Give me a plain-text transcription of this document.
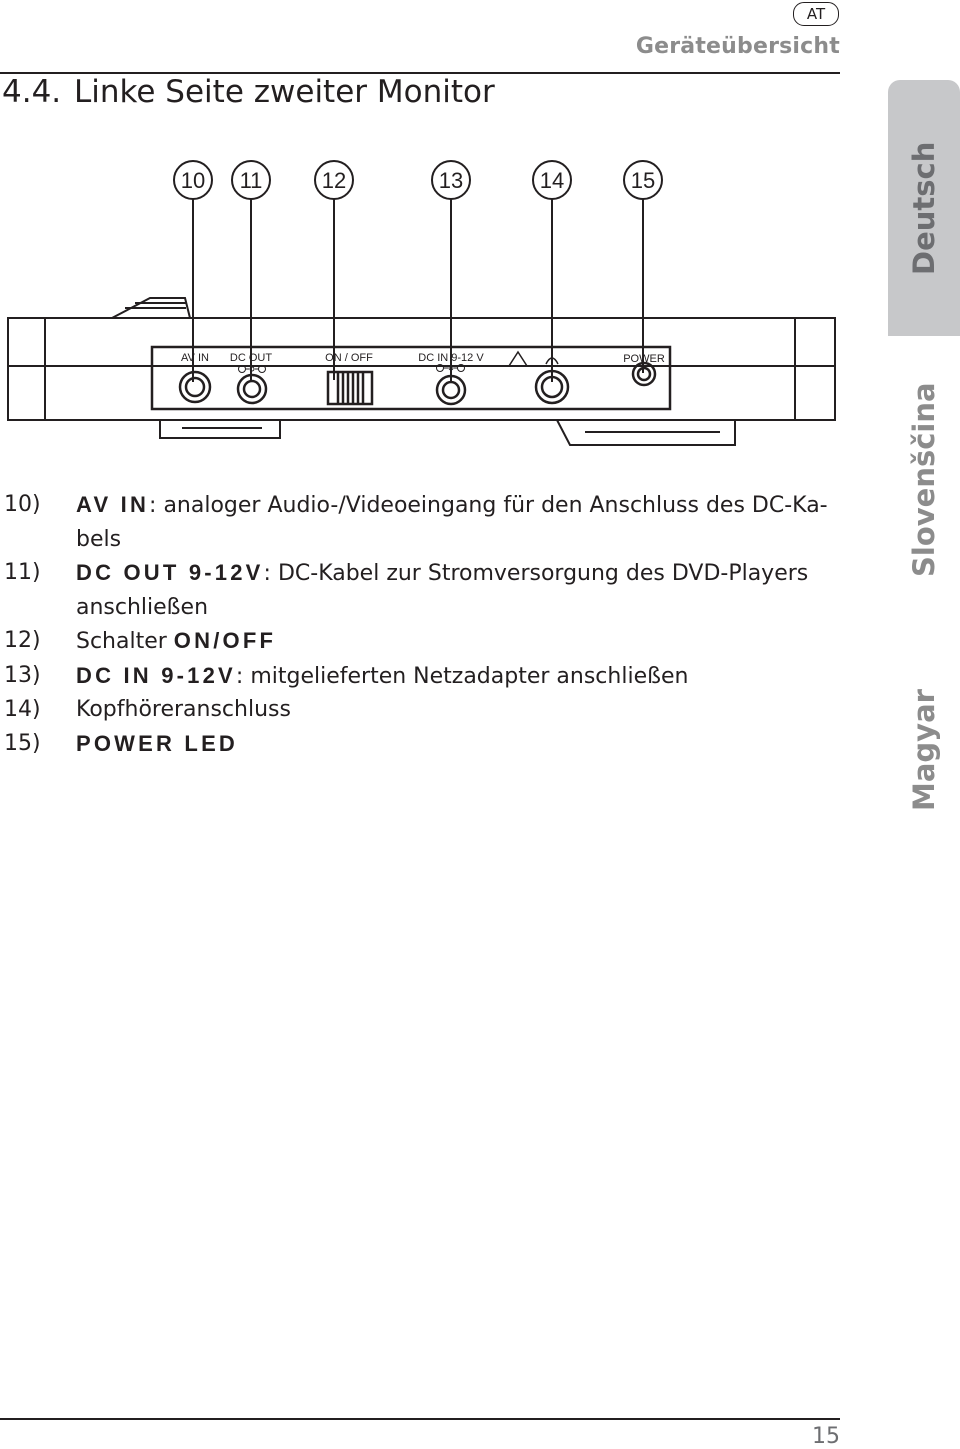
AT
Geräteübersicht
4.4. Linke Seite zweiter Monitor
Deutsch
Slovenščina
Magyar
10 11	12	13	14	15
AV IN DC OUT	ON / OFF	DC IN 9-12 V	POWER
10)	AV IN: analoger Audio-/Videoeingang für den Anschluss des DC-Ka-
bels
11)	DC OUT 9-12V: DC-Kabel zur Stromversorgung des DVD-Players
anschließen
12)	Schalter ON/OFF
13)	DC IN 9-12V: mitgelieferten Netzadapter anschließen
14)	Kopfhöreranschluss
15)	POWER LED
15
